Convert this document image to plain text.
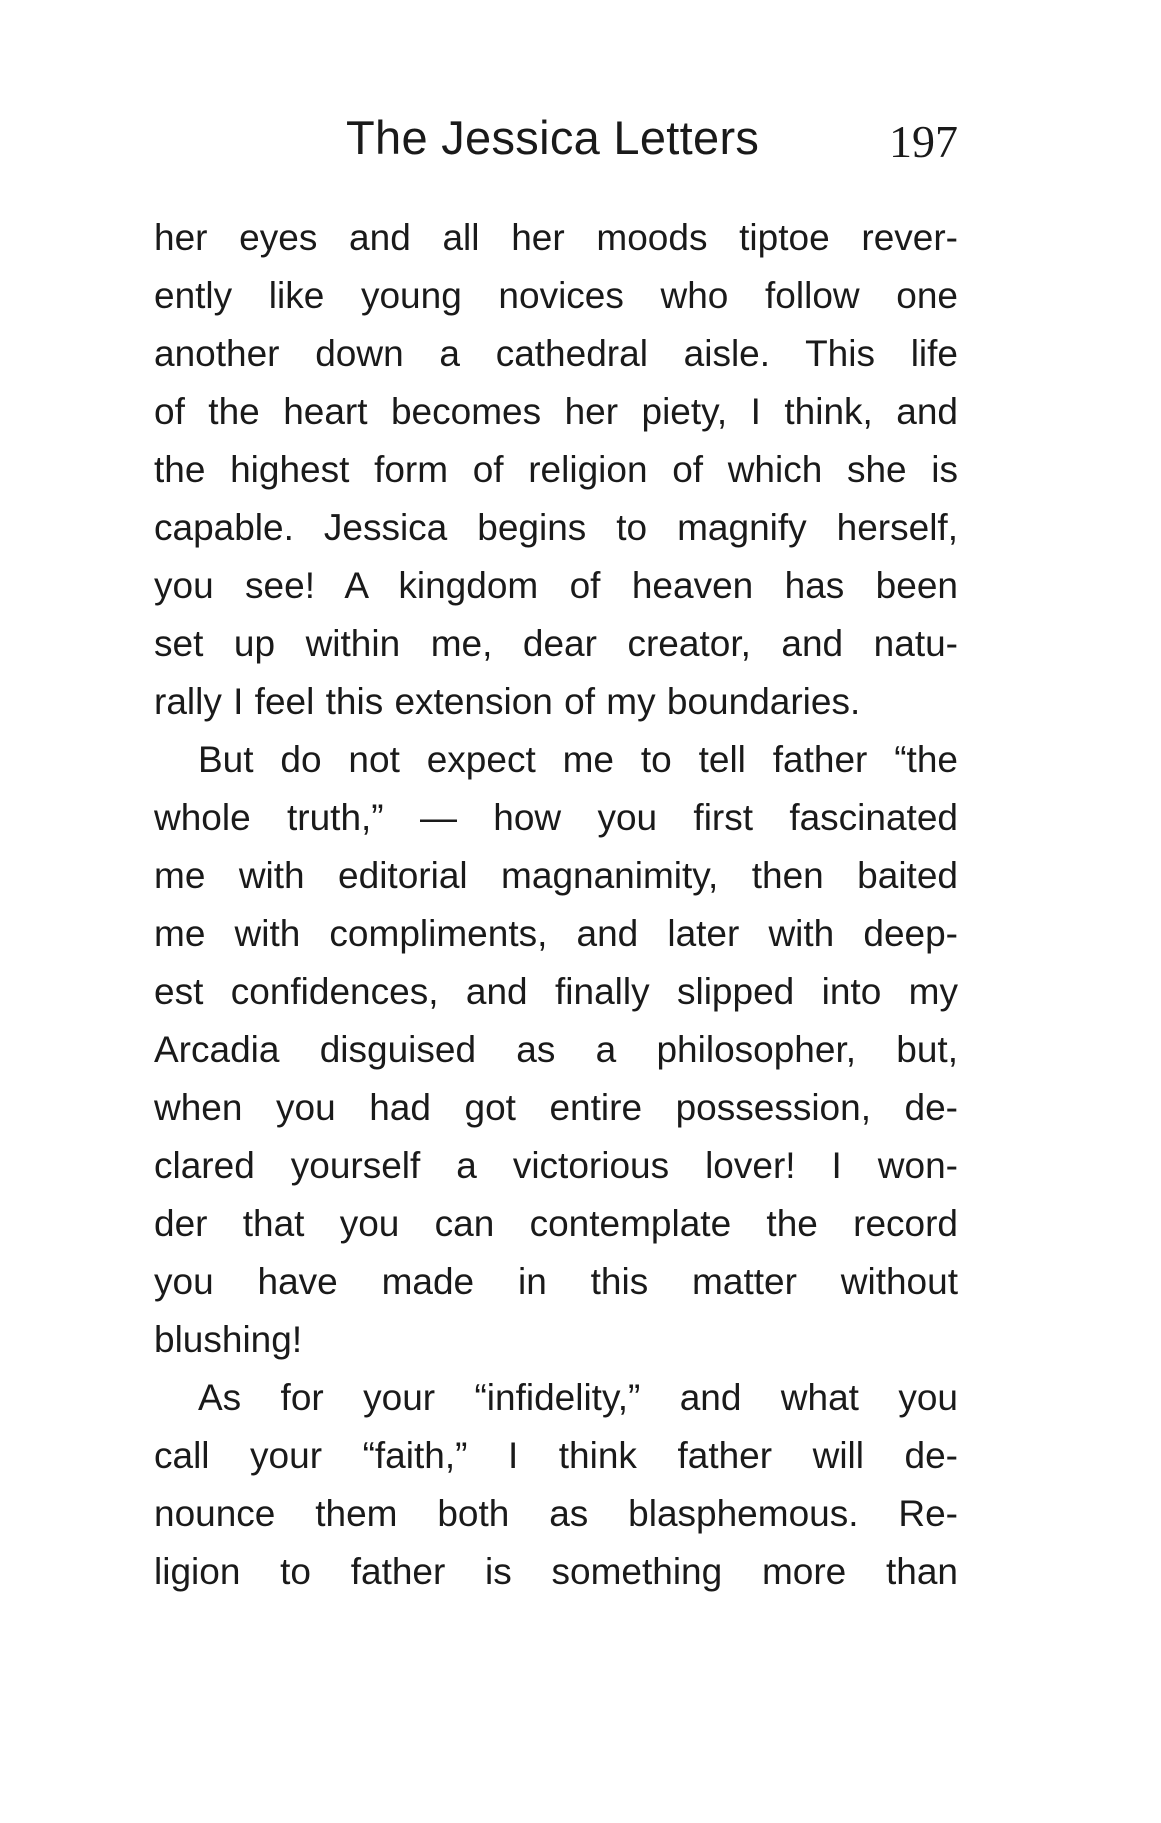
The Jessica Letters	197
her eyes and all her moods tiptoe rever-
ently like young novices who follow one
another down a cathedral aisle. This life
of the heart becomes her piety, I think, and
the highest form of religion of which she is
capable. Jessica begins to magnify herself,
you see! A kingdom of heaven has been
set up within me, dear creator, and natu-
rally I feel this extension of my boundaries.
But do not expect me to tell father “the
whole truth,” — how you first fascinated
me with editorial magnanimity, then baited
me with compliments, and later with deep-
est confidences, and finally slipped into my
Arcadia disguised as a philosopher, but,
when you had got entire possession, de-
clared yourself a victorious lover! I won-
der that you can contemplate the record
you have made in this matter without
blushing!
As for your “infidelity,” and what you
call your “faith,” I think father will de-
nounce them both as blasphemous. Re-
ligion to father is something more than
